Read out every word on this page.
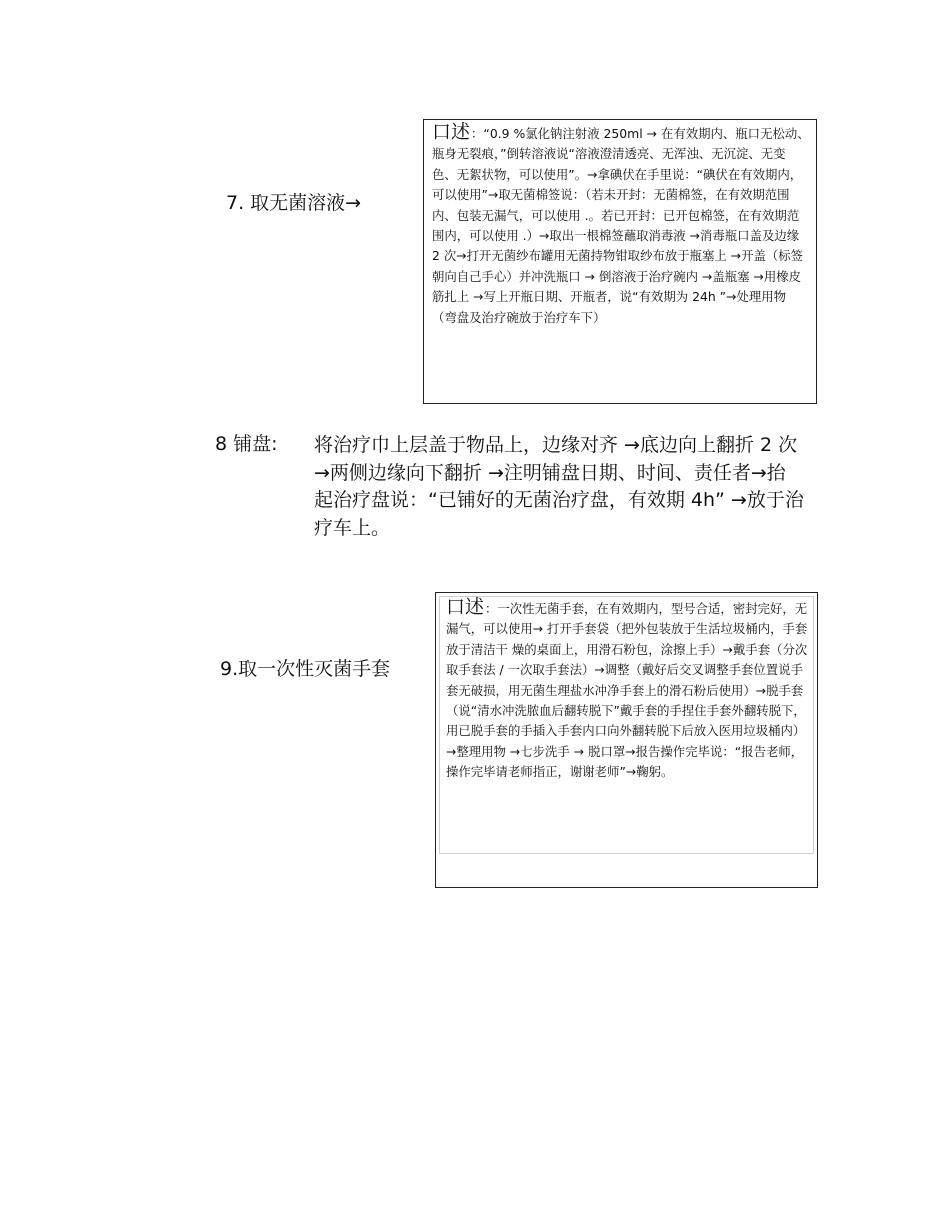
7. 取无菌溶液→
口述：“0.9 %氯化钠注射液 250ml → 在有效期内、瓶口无松动、瓶身无裂痕，”倒转溶液说“溶液澄清透亮、无浑浊、无沉淀、无变色、无絮状物，可以使用”。→拿碘伏在手里说：“碘伏在有效期内，可以使用”→取无菌棉签说：（若未开封：无菌棉签，在有效期范围内、包装无漏气，可以使用 .。若已开封：已开包棉签，在有效期范围内，可以使用 .）→取出一根棉签蘸取消毒液 →消毒瓶口盖及边缘 2 次→打开无菌纱布罐用无菌持物钳取纱布放于瓶塞上 →开盖（标签朝向自己手心）并冲洗瓶口 → 倒溶液于治疗碗内 →盖瓶塞 →用橡皮筋扎上 →写上开瓶日期、开瓶者，说“有效期为 24h ”→处理用物（弯盘及治疗碗放于治疗车下）
8 铺盘: 将治疗巾上层盖于物品上，边缘对齐 →底边向上翻折 2 次→两侧边缘向下翻折 →注明铺盘日期、时间、责任者→抬起治疗盘说：“已铺好的无菌治疗盘，有效期 4h” →放于治疗车上。
9.取一次性灭菌手套
口述：一次性无菌手套，在有效期内，型号合适，密封完好，无漏气，可以使用→ 打开手套袋（把外包装放于生活垃圾桶内，手套放于清洁干 燥的桌面上，用滑石粉包，涂擦上手）→戴手套（分次取手套法 / 一次取手套法）→调整（戴好后交叉调整手套位置说手套无破损，用无菌生理盐水冲净手套上的滑石粉后使用）→脱手套（说“清水冲洗脓血后翻转脱下”戴手套的手捏住手套外翻转脱下，用已脱手套的手插入手套内口向外翻转脱下后放入医用垃圾桶内）→整理用物 →七步洗手 → 脱口罩→报告操作完毕说：“报告老师，操作完毕请老师指正，谢谢老师”→鞠躬。
